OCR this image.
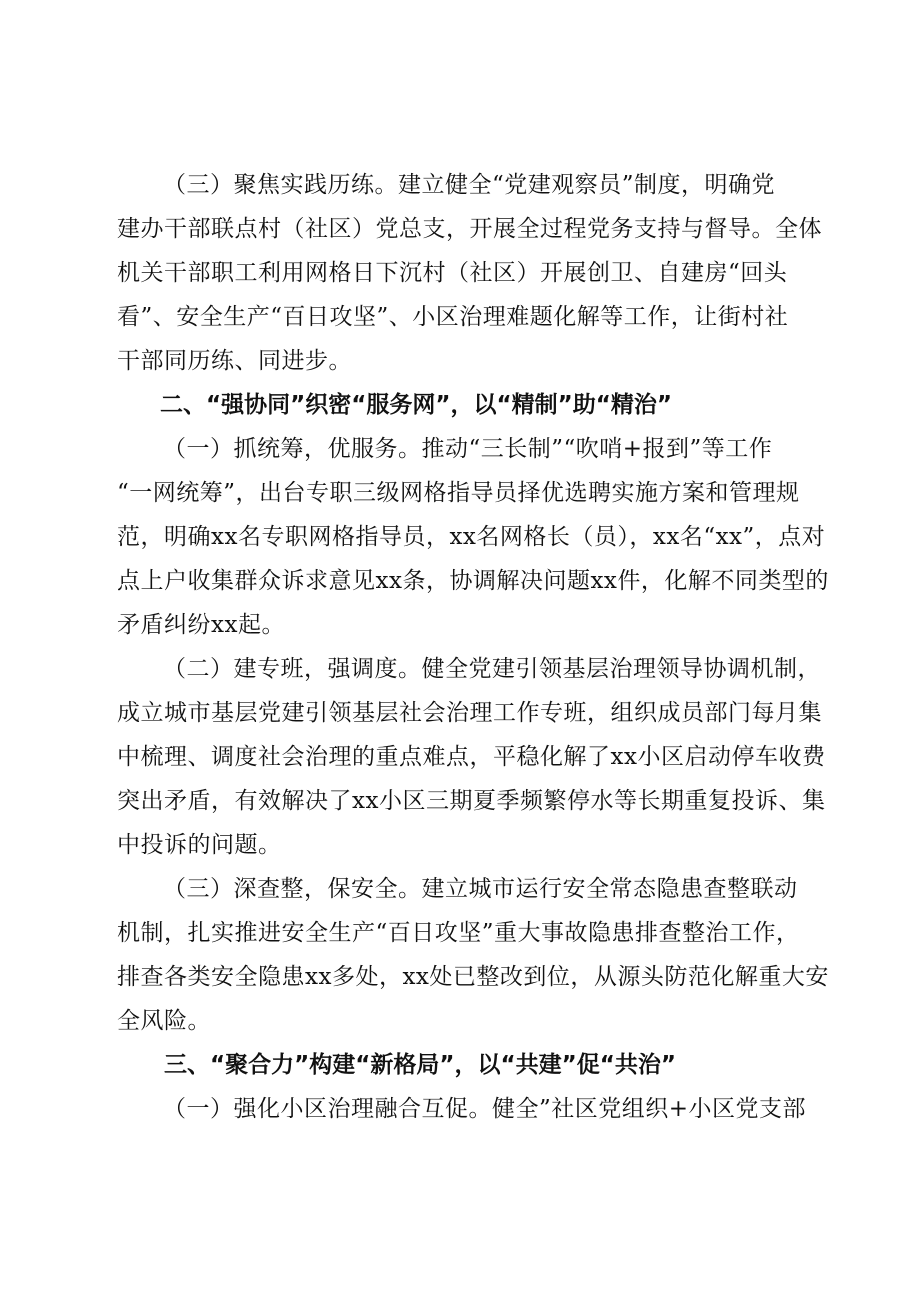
（三）聚焦实践历练。建立健全“党建观察员”制度，明确党
建办干部联点村（社区）党总支，开展全过程党务支持与督导。全体
机关干部职工利用网格日下沉村（社区）开展创卫、自建房“回头
看”、安全生产“百日攻坚”、小区治理难题化解等工作，让街村社
干部同历练、同进步。
二、“强协同”织密“服务网”，以“精制”助“精治”
（一）抓统筹，优服务。推动“三长制”“吹哨+报到”等工作
“一网统筹”，出台专职三级网格指导员择优选聘实施方案和管理规
范，明确xx名专职网格指导员，xx名网格长（员），xx名“xx”，点对
点上户收集群众诉求意见xx条，协调解决问题xx件，化解不同类型的
矛盾纠纷xx起。
（二）建专班，强调度。健全党建引领基层治理领导协调机制，
成立城市基层党建引领基层社会治理工作专班，组织成员部门每月集
中梳理、调度社会治理的重点难点，平稳化解了xx小区启动停车收费
突出矛盾，有效解决了xx小区三期夏季频繁停水等长期重复投诉、集
中投诉的问题。
（三）深查整，保安全。建立城市运行安全常态隐患查整联动
机制，扎实推进安全生产“百日攻坚”重大事故隐患排查整治工作，
排查各类安全隐患xx多处，xx处已整改到位，从源头防范化解重大安
全风险。
三、“聚合力”构建“新格局”，以“共建”促“共治”
（一）强化小区治理融合互促。健全”社区党组织+小区党支部
